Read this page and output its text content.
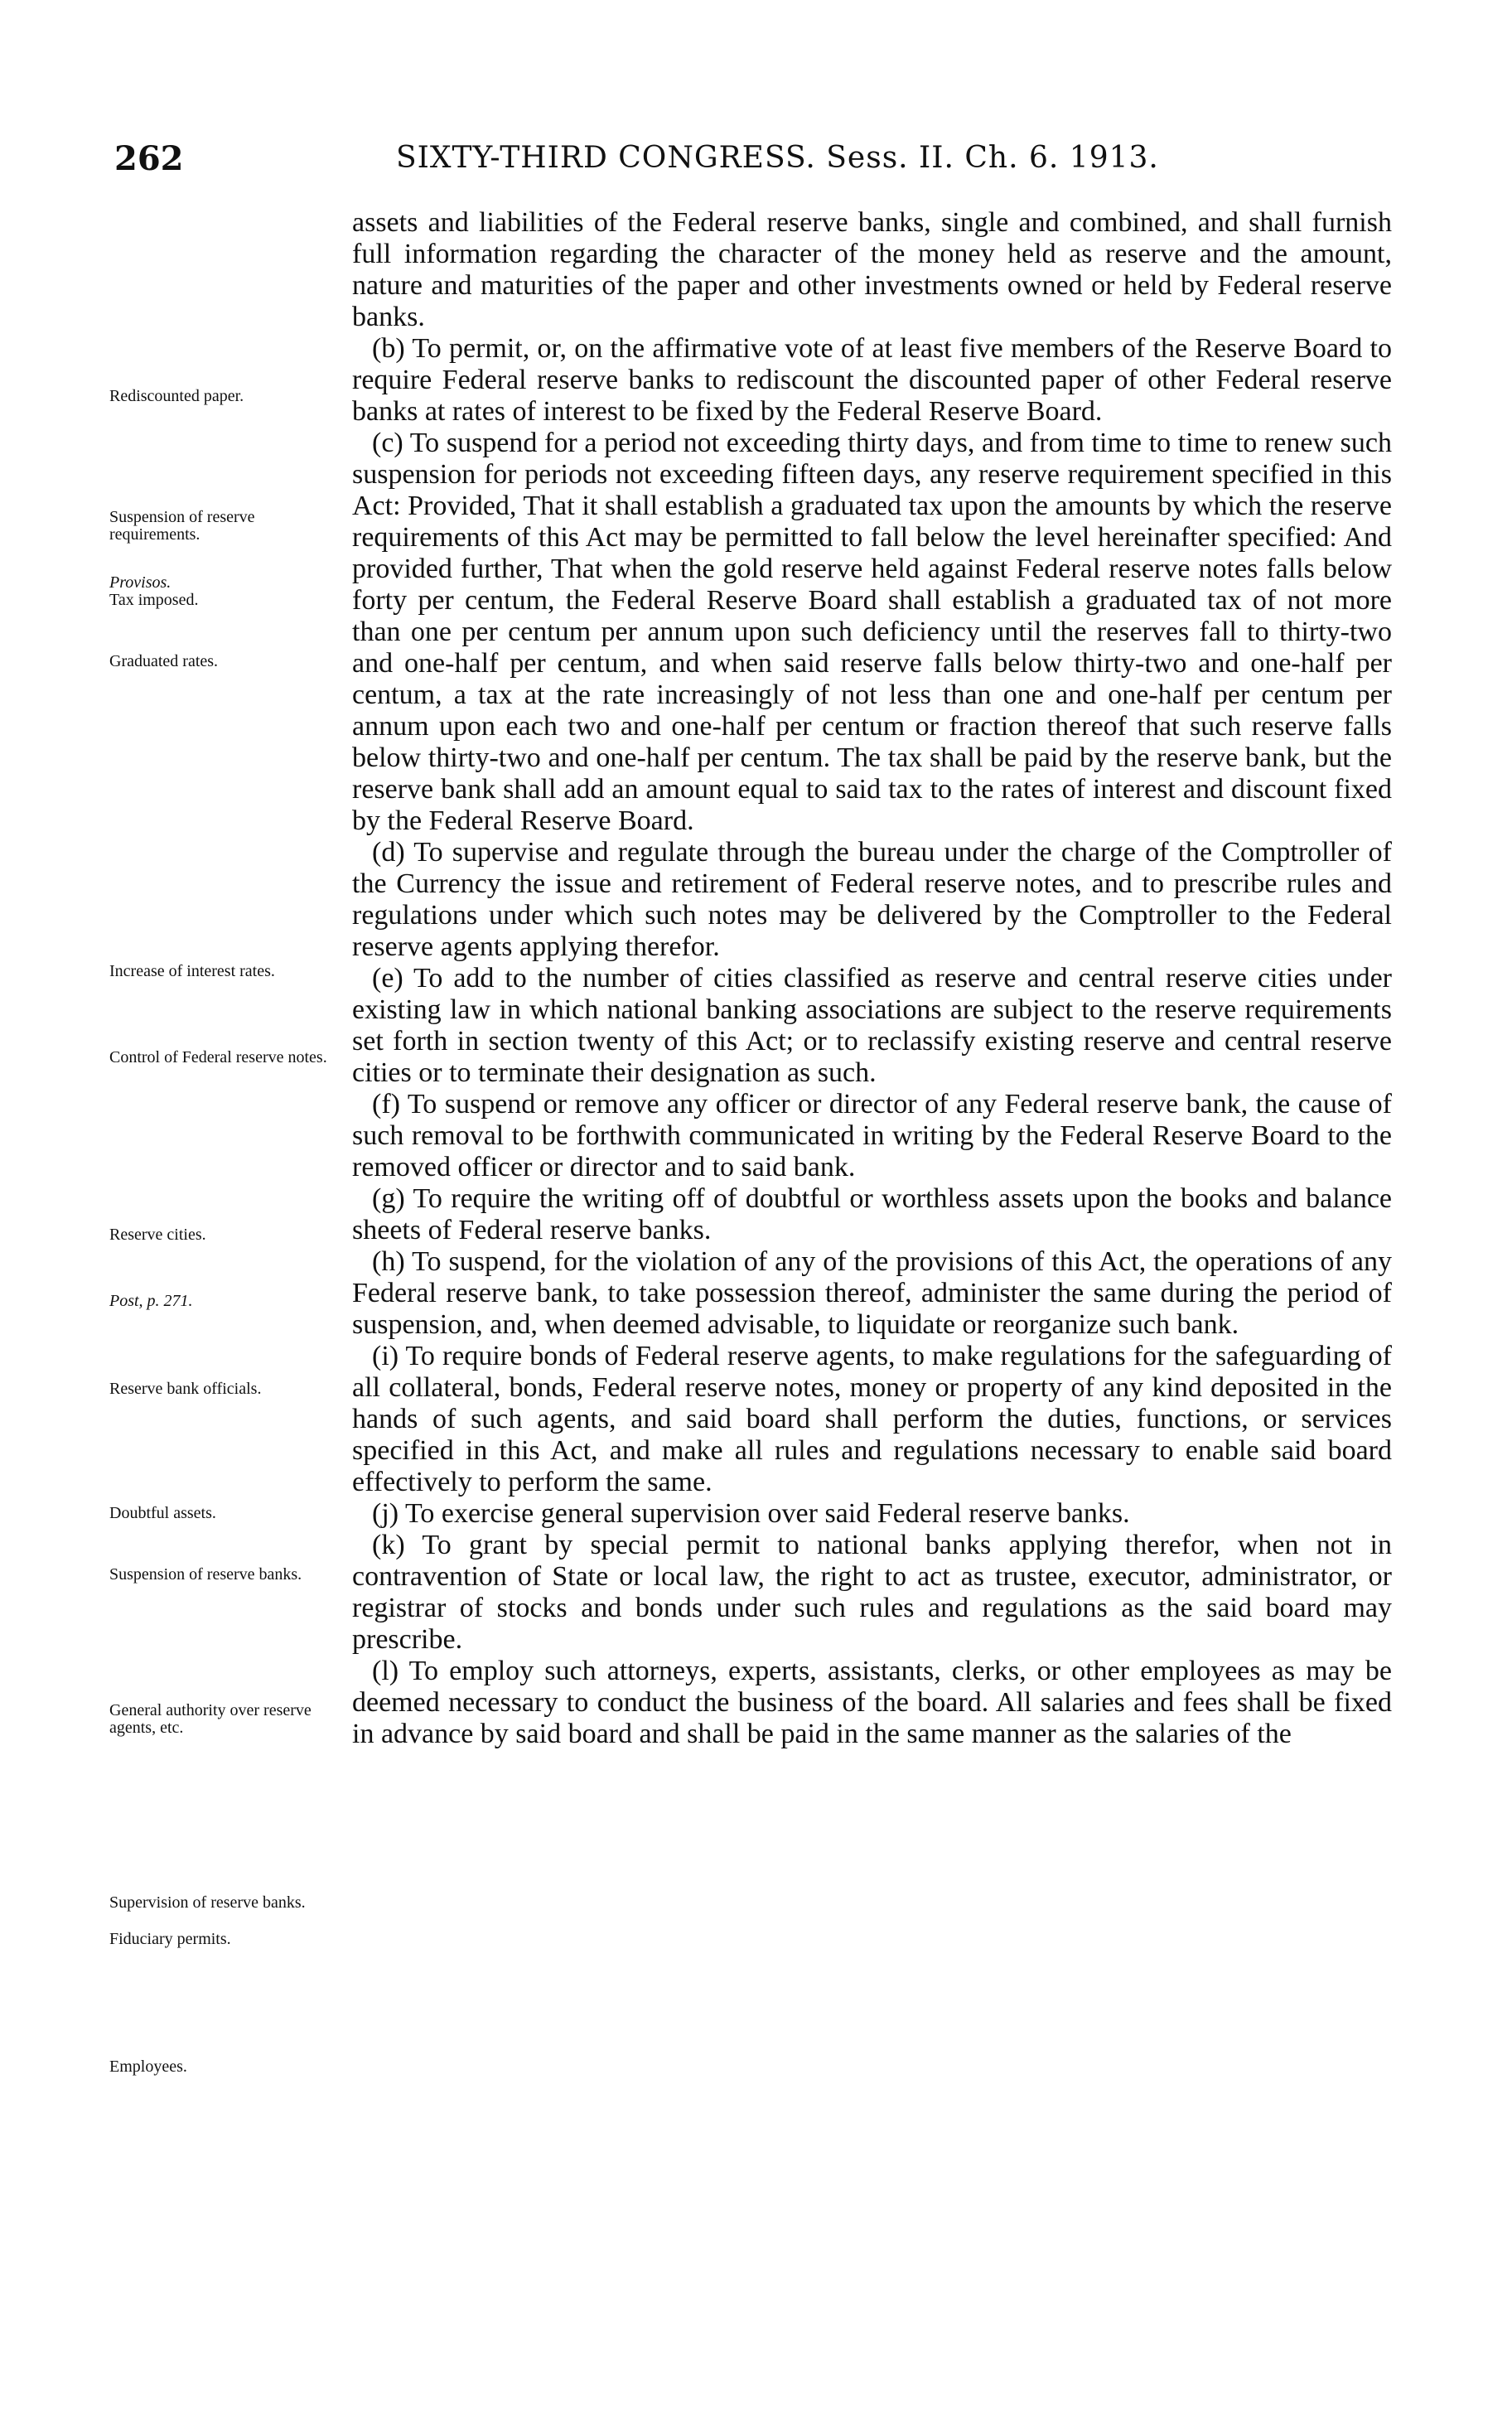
262	SIXTY-THIRD CONGRESS. Sess. II. Ch. 6. 1913.
Rediscounted paper.
Suspension of reserve requirements.
Provisos.
Tax imposed.
Graduated rates.
Increase of interest rates.
Control of Federal reserve notes.
Reserve cities.
Post, p. 271.
Reserve bank officials.
Doubtful assets.
Suspension of reserve banks.
General authority over reserve agents, etc.
Supervision of reserve banks.
Fiduciary permits.
Employees.

assets and liabilities of the Federal reserve banks, single and combined, and shall furnish full information regarding the character of the money held as reserve and the amount, nature and maturities of the paper and other investments owned or held by Federal reserve banks.

(b) To permit, or, on the affirmative vote of at least five members of the Reserve Board to require Federal reserve banks to rediscount the discounted paper of other Federal reserve banks at rates of interest to be fixed by the Federal Reserve Board.

(c) To suspend for a period not exceeding thirty days, and from time to time to renew such suspension for periods not exceeding fifteen days, any reserve requirement specified in this Act: Provided, That it shall establish a graduated tax upon the amounts by which the reserve requirements of this Act may be permitted to fall below the level hereinafter specified: And provided further, That when the gold reserve held against Federal reserve notes falls below forty per centum, the Federal Reserve Board shall establish a graduated tax of not more than one per centum per annum upon such deficiency until the reserves fall to thirty-two and one-half per centum, and when said reserve falls below thirty-two and one-half per centum, a tax at the rate increasingly of not less than one and one-half per centum per annum upon each two and one-half per centum or fraction thereof that such reserve falls below thirty-two and one-half per centum. The tax shall be paid by the reserve bank, but the reserve bank shall add an amount equal to said tax to the rates of interest and discount fixed by the Federal Reserve Board.

(d) To supervise and regulate through the bureau under the charge of the Comptroller of the Currency the issue and retirement of Federal reserve notes, and to prescribe rules and regulations under which such notes may be delivered by the Comptroller to the Federal reserve agents applying therefor.

(e) To add to the number of cities classified as reserve and central reserve cities under existing law in which national banking associations are subject to the reserve requirements set forth in section twenty of this Act; or to reclassify existing reserve and central reserve cities or to terminate their designation as such.

(f) To suspend or remove any officer or director of any Federal reserve bank, the cause of such removal to be forthwith communicated in writing by the Federal Reserve Board to the removed officer or director and to said bank.

(g) To require the writing off of doubtful or worthless assets upon the books and balance sheets of Federal reserve banks.

(h) To suspend, for the violation of any of the provisions of this Act, the operations of any Federal reserve bank, to take possession thereof, administer the same during the period of suspension, and, when deemed advisable, to liquidate or reorganize such bank.

(i) To require bonds of Federal reserve agents, to make regulations for the safeguarding of all collateral, bonds, Federal reserve notes, money or property of any kind deposited in the hands of such agents, and said board shall perform the duties, functions, or services specified in this Act, and make all rules and regulations necessary to enable said board effectively to perform the same.

(j) To exercise general supervision over said Federal reserve banks.

(k) To grant by special permit to national banks applying therefor, when not in contravention of State or local law, the right to act as trustee, executor, administrator, or registrar of stocks and bonds under such rules and regulations as the said board may prescribe.

(l) To employ such attorneys, experts, assistants, clerks, or other employees as may be deemed necessary to conduct the business of the board. All salaries and fees shall be fixed in advance by said board and shall be paid in the same manner as the salaries of the
